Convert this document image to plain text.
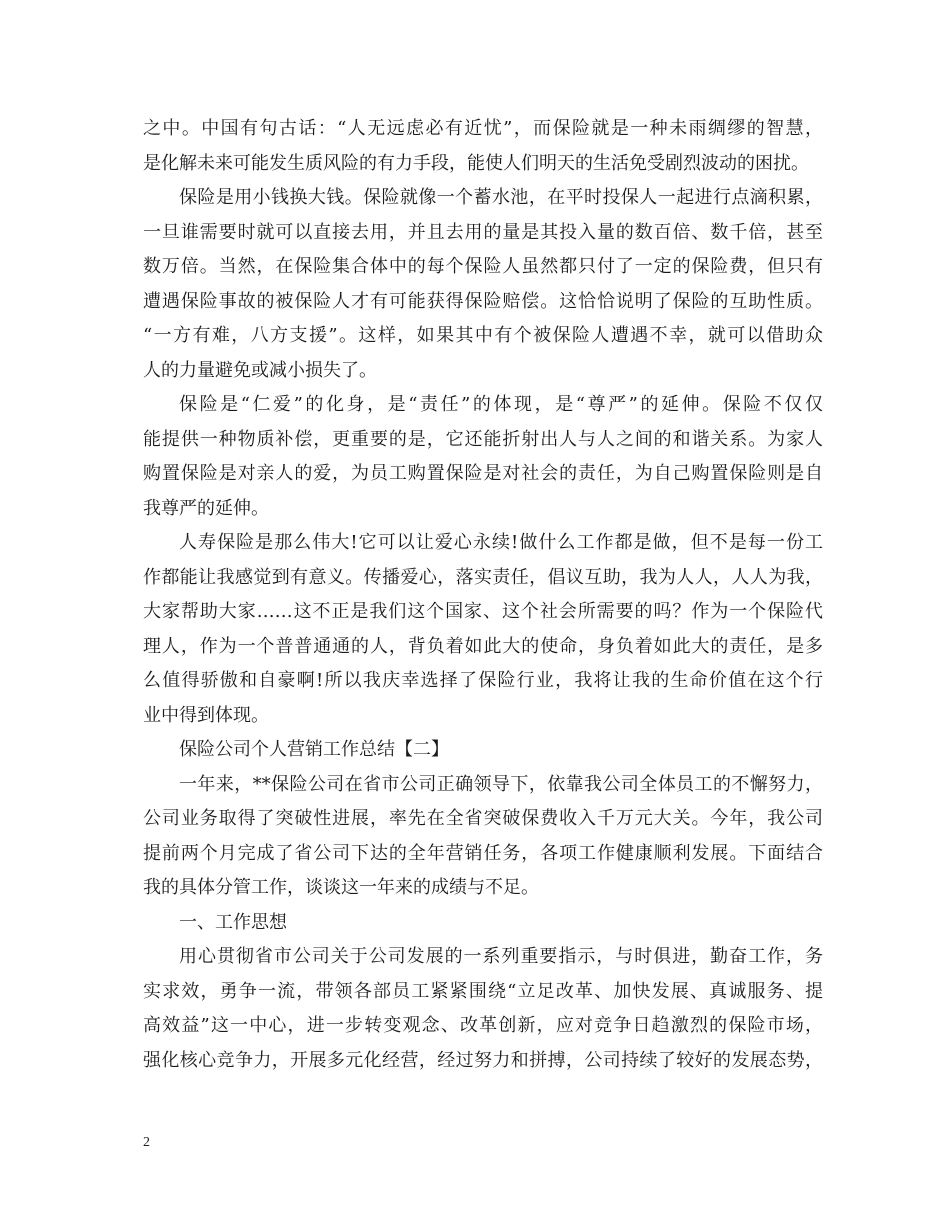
之中。中国有句古话：“人无远虑必有近忧”，而保险就是一种未雨绸缪的智慧，
是化解未来可能发生质风险的有力手段，能使人们明天的生活免受剧烈波动的困扰。
保险是用小钱换大钱。保险就像一个蓄水池，在平时投保人一起进行点滴积累，
一旦谁需要时就可以直接去用，并且去用的量是其投入量的数百倍、数千倍，甚至
数万倍。当然，在保险集合体中的每个保险人虽然都只付了一定的保险费，但只有
遭遇保险事故的被保险人才有可能获得保险赔偿。这恰恰说明了保险的互助性质。
“一方有难，八方支援”。这样，如果其中有个被保险人遭遇不幸，就可以借助众
人的力量避免或减小损失了。
保险是“仁爱”的化身，是“责任”的体现，是“尊严”的延伸。保险不仅仅
能提供一种物质补偿，更重要的是，它还能折射出人与人之间的和谐关系。为家人
购置保险是对亲人的爱，为员工购置保险是对社会的责任，为自己购置保险则是自
我尊严的延伸。
人寿保险是那么伟大!它可以让爱心永续!做什么工作都是做，但不是每一份工
作都能让我感觉到有意义。传播爱心，落实责任，倡议互助，我为人人，人人为我，
大家帮助大家……这不正是我们这个国家、这个社会所需要的吗？作为一个保险代
理人，作为一个普普通通的人，背负着如此大的使命，身负着如此大的责任，是多
么值得骄傲和自豪啊!所以我庆幸选择了保险行业，我将让我的生命价值在这个行
业中得到体现。
保险公司个人营销工作总结【二】
一年来，**保险公司在省市公司正确领导下，依靠我公司全体员工的不懈努力，
公司业务取得了突破性进展，率先在全省突破保费收入千万元大关。今年，我公司
提前两个月完成了省公司下达的全年营销任务，各项工作健康顺利发展。下面结合
我的具体分管工作，谈谈这一年来的成绩与不足。
一、工作思想
用心贯彻省市公司关于公司发展的一系列重要指示，与时俱进，勤奋工作，务
实求效，勇争一流，带领各部员工紧紧围绕“立足改革、加快发展、真诚服务、提
高效益”这一中心，进一步转变观念、改革创新，应对竞争日趋激烈的保险市场，
强化核心竞争力，开展多元化经营，经过努力和拼搏，公司持续了较好的发展态势，
2
